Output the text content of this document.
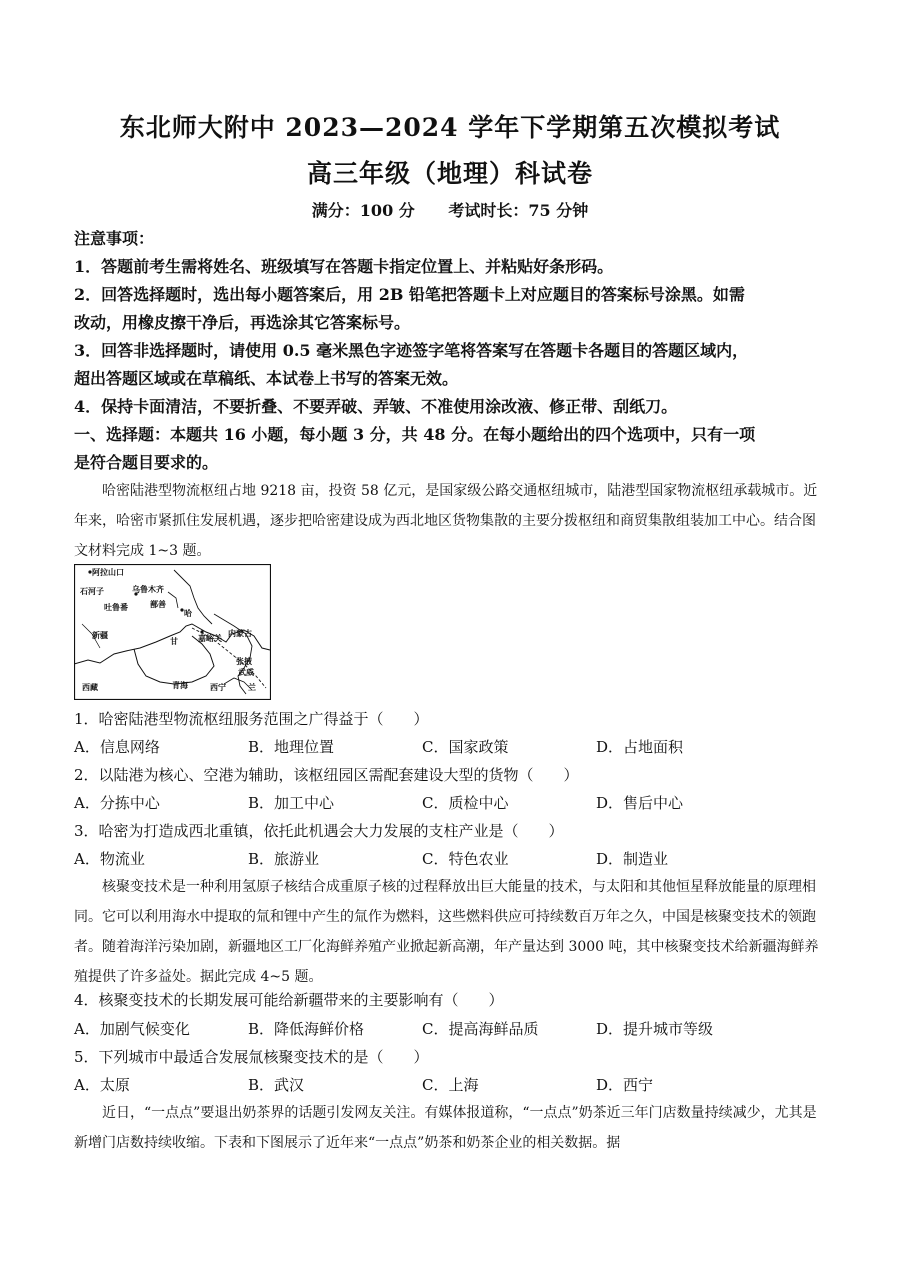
东北师大附中 2023—2024 学年下学期第五次模拟考试
高三年级（地理）科试卷
满分：100 分 考试时长：75 分钟
注意事项：
1．答题前考生需将姓名、班级填写在答题卡指定位置上、并粘贴好条形码。
2．回答选择题时，选出每小题答案后，用 2B 铅笔把答题卡上对应题目的答案标号涂黑。如需
改动，用橡皮擦干净后，再选涂其它答案标号。
3．回答非选择题时，请使用 0.5 毫米黑色字迹签字笔将答案写在答题卡各题目的答题区域内，
超出答题区域或在草稿纸、本试卷上书写的答案无效。
4．保持卡面清洁，不要折叠、不要弄破、弄皱、不准使用涂改液、修正带、刮纸刀。
一、选择题：本题共 16 小题，每小题 3 分，共 48 分。在每小题给出的四个选项中，只有一项
是符合题目要求的。
哈密陆港型物流枢纽占地 9218 亩，投资 58 亿元，是国家级公路交通枢纽城市，陆港型国家物流枢纽承载城市。近年来，哈密市紧抓住发展机遇，逐步把哈密建设成为西北地区货物集散的主要分拨枢纽和商贸集散组装加工中心。结合图文材料完成 1~3 题。
阿拉山口
石河子	乌鲁木齐
吐鲁番	鄯善
哈
新疆
甘	嘉峪关
内蒙古
张掖
武威
西藏	青海	西宁	兰
1．哈密陆港型物流枢纽服务范围之广得益于（　　）
A．信息网络	B．地理位置	C．国家政策	D．占地面积
2．以陆港为核心、空港为辅助，该枢纽园区需配套建设大型的货物（　　）
A．分拣中心	B．加工中心	C．质检中心	D．售后中心
3．哈密为打造成西北重镇，依托此机遇会大力发展的支柱产业是（　　）
A．物流业	B．旅游业	C．特色农业	D．制造业
核聚变技术是一种利用氢原子核结合成重原子核的过程释放出巨大能量的技术，与太阳和其他恒星释放能量的原理相同。它可以利用海水中提取的氚和锂中产生的氚作为燃料，这些燃料供应可持续数百万年之久，中国是核聚变技术的领跑者。随着海洋污染加剧，新疆地区工厂化海鲜养殖产业掀起新高潮，年产量达到 3000 吨，其中核聚变技术给新疆海鲜养殖提供了许多益处。据此完成 4~5 题。
4．核聚变技术的长期发展可能给新疆带来的主要影响有（　　）
A．加剧气候变化	B．降低海鲜价格	C．提高海鲜品质	D．提升城市等级
5．下列城市中最适合发展氚核聚变技术的是（　　）
A．太原	B．武汉	C．上海	D．西宁
近日，“一点点”要退出奶茶界的话题引发网友关注。有媒体报道称，“一点点”奶茶近三年门店数量持续减少，尤其是新增门店数持续收缩。下表和下图展示了近年来“一点点”奶茶和奶茶企业的相关数据。据
